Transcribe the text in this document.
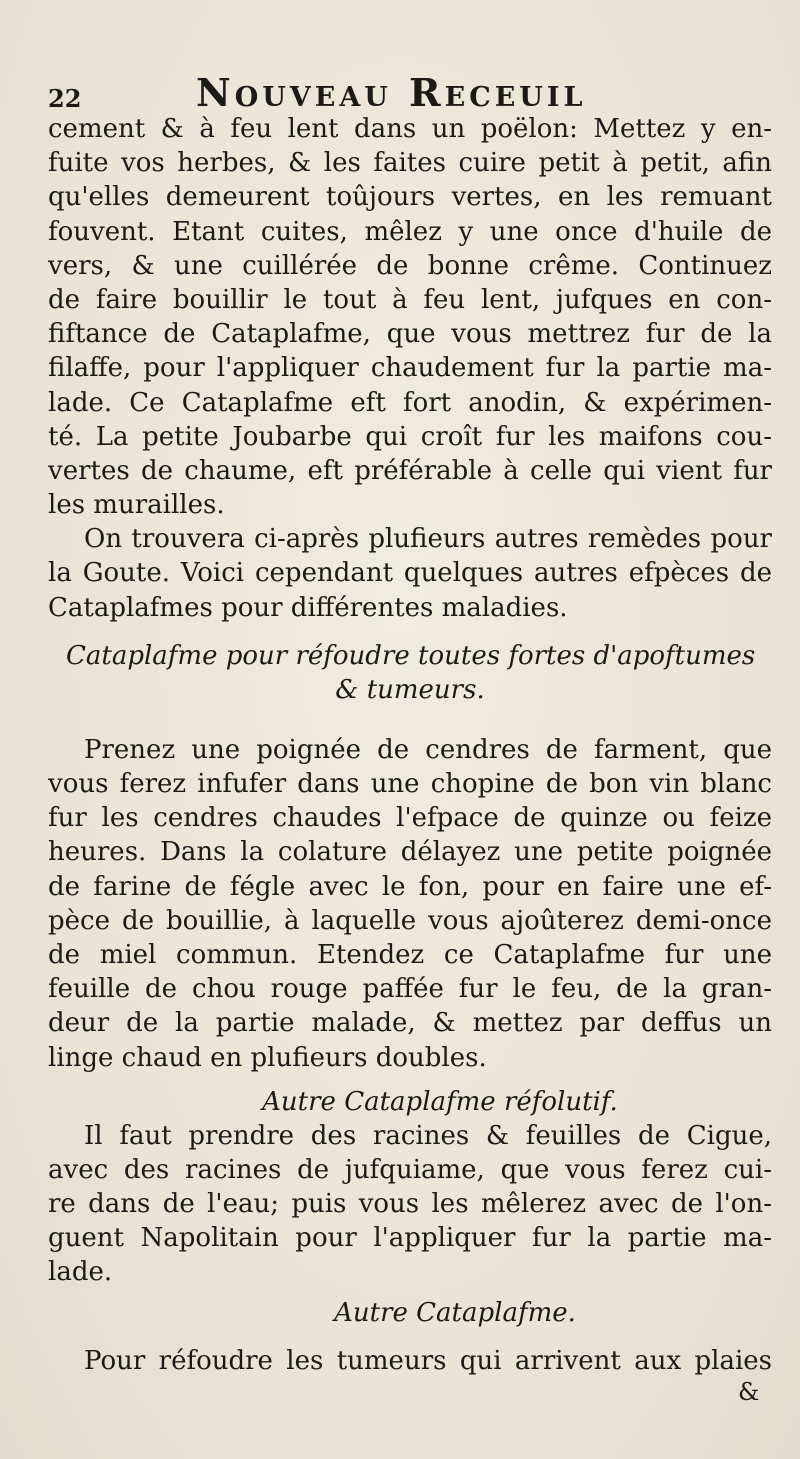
22	Nouveau Receuil
cement & à feu lent dans un poëlon: Mettez y en-
fuite vos herbes, & les faites cuire petit à petit, afin
qu'elles demeurent toûjours vertes, en les remuant
fouvent. Etant cuites, mêlez y une once d'huile de
vers, & une cuillérée de bonne crême. Continuez
de faire bouillir le tout à feu lent, jufques en con-
fiftance de Cataplafme, que vous mettrez fur de la
filaffe, pour l'appliquer chaudement fur la partie ma-
lade. Ce Cataplafme eft fort anodin, & expérimen-
té. La petite Joubarbe qui croît fur les maifons cou-
vertes de chaume, eft préférable à celle qui vient fur
les murailles.
On trouvera ci-après plufieurs autres remèdes pour
la Goute. Voici cependant quelques autres efpèces de
Cataplafmes pour différentes maladies.
Cataplafme pour réfoudre toutes fortes d'apoftumes
& tumeurs.
Prenez une poignée de cendres de farment, que
vous ferez infufer dans une chopine de bon vin blanc
fur les cendres chaudes l'efpace de quinze ou feize
heures. Dans la colature délayez une petite poignée
de farine de fégle avec le fon, pour en faire une ef-
pèce de bouillie, à laquelle vous ajoûterez demi-once
de miel commun. Etendez ce Cataplafme fur une
feuille de chou rouge paffée fur le feu, de la gran-
deur de la partie malade, & mettez par deffus un
linge chaud en plufieurs doubles.
Autre Cataplafme réfolutif.
Il faut prendre des racines & feuilles de Cigue,
avec des racines de jufquiame, que vous ferez cui-
re dans de l'eau; puis vous les mêlerez avec de l'on-
guent Napolitain pour l'appliquer fur la partie ma-
lade.
Autre Cataplafme.
Pour réfoudre les tumeurs qui arrivent aux plaies
&
